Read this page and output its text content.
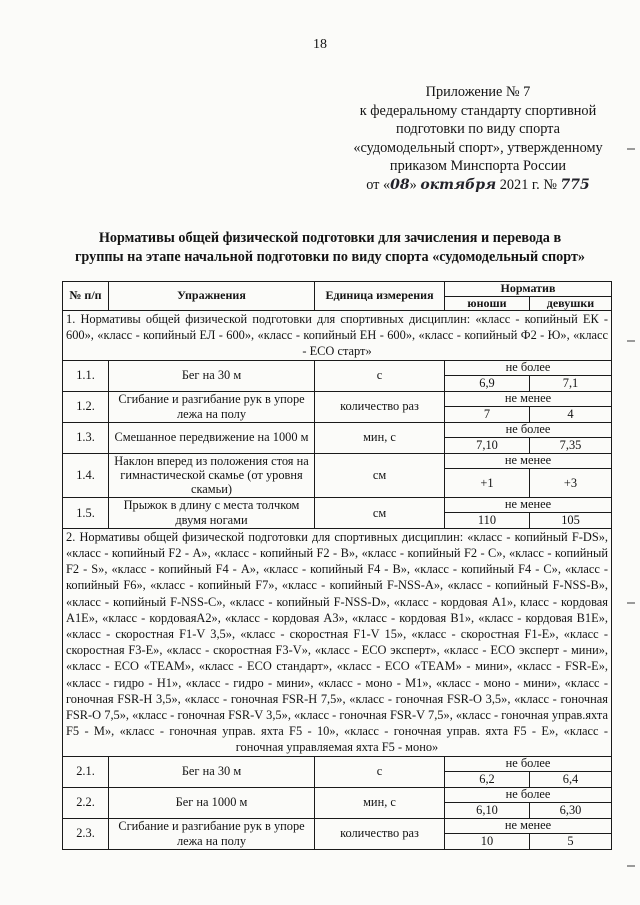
18
Приложение № 7
к федеральному стандарту спортивной
подготовки по виду спорта
«судомодельный спорт», утвержденному
приказом Минспорта России
от «08» октября 2021 г. № 775
Нормативы общей физической подготовки для зачисления и перевода в
группы на этапе начальной подготовки по виду спорта «судомодельный спорт»
№ п/п	Упражнения	Единица измерения	Норматив	
			юноши	девушки
1. Нормативы общей физической подготовки для спортивных дисциплин: «класс - копийный ЕК - 600», «класс - копийный ЕЛ - 600», «класс - копийный ЕН - 600», «класс - копийный Ф2 - Ю», «класс - ЕСО старт»				
1.1.	Бег на 30 м	с	не более	
			6,9	7,1
1.2.	Сгибание и разгибание рук в упоре лежа на полу	количество раз	не менее	
			7	4
1.3.	Смешанное передвижение на 1000 м	мин, с	не более	
			7,10	7,35
1.4.	Наклон вперед из положения стоя на гимнастической скамье (от уровня скамьи)	см	не менее	
			+1	+3
1.5.	Прыжок в длину с места толчком двумя ногами	см	не менее	
			110	105
2. Нормативы общей физической подготовки для спортивных дисциплин: «класс - копийный F-DS», «класс - копийный F2 - А», «класс - копийный F2 - В», «класс - копийный F2 - С», «класс - копийный F2 - S», «класс - копийный F4 - А», «класс - копийный F4 - В», «класс - копийный F4 - С», «класс - копийный F6», «класс - копийный F7», «класс - копийный F-NSS-A», «класс - копийный F-NSS-B», «класс - копийный F-NSS-C», «класс - копийный F-NSS-D», «класс - кордовая А1», класс - кордовая А1Е», «класс - кордоваяА2», «класс - кордовая А3», «класс - кордовая В1», «класс - кордовая В1Е», «класс - скоростная F1-V 3,5», «класс - скоростная F1-V 15», «класс - скоростная F1-E», «класс - скоростная F3-E», «класс - скоростная F3-V», «класс - ЕСО эксперт», «класс - ЕСО эксперт - мини», «класс - ЕСО «TEAM», «класс - ЕСО стандарт», «класс - ЕСО «TEAM» - мини», «класс - FSR-E», «класс - гидро - Н1», «класс - гидро - мини», «класс - моно - М1», «класс - моно - мини», «класс - гоночная FSR-H 3,5», «класс - гоночная FSR-H 7,5», «класс - гоночная FSR-O 3,5», «класс - гоночная FSR-O 7,5», «класс - гоночная FSR-V 3,5», «класс - гоночная FSR-V 7,5», «класс - гоночная управ.яхта F5 - М», «класс - гоночная управ. яхта F5 - 10», «класс - гоночная управ. яхта F5 - Е», «класс - гоночная управляемая яхта F5 - моно»				
2.1.	Бег на 30 м	с	не более	
			6,2	6,4
2.2.	Бег на 1000 м	мин, с	не более	
			6,10	6,30
2.3.	Сгибание и разгибание рук в упоре лежа на полу	количество раз	не менее	
			10	5
